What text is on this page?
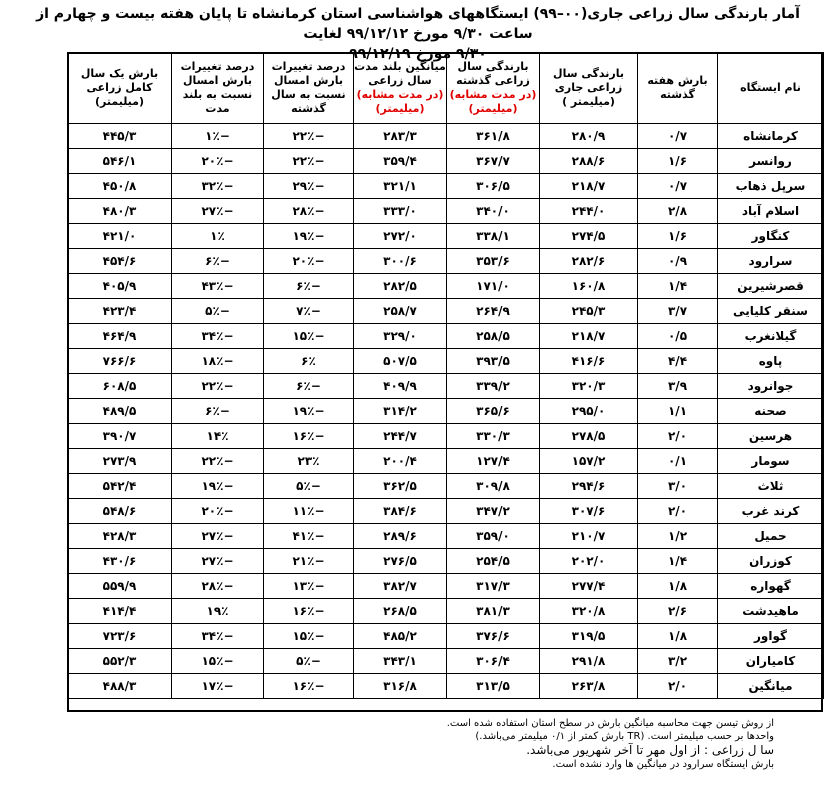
آمار بارندگی سال زراعی جاری(۰۰–۹۹) ایستگاههای هواشناسی استان کرمانشاه تا پایان هفته بیست و چهارم از ساعت ۹/۳۰ مورخ ۹۹/۱۲/۱۲ لغایت
۹/۳۰ مورخ ۹۹/۱۲/۱۹
نام ایستگاه	بارش هفته گذشته	بارندگی سال زراعی جاری (میلیمتر )	بارندگی سال زراعی گذشته
(در مدت مشابه) (میلیمتر)	میانگین بلند مدت سال زراعی
(در مدت مشابه) (میلیمتر)	درصد تغییرات بارش امسال نسبت به سال گذشته	درصد تغییرات بارش امسال نسبت به بلند مدت	بارش یک سال کامل زراعی (میلیمتر)
کرمانشاه	۰/۷	۲۸۰/۹	۳۶۱/۸	۲۸۳/۳	−۲۲٪	−۱٪	۴۴۵/۳
روانسر	۱/۶	۲۸۸/۶	۳۶۷/۷	۳۵۹/۴	−۲۲٪	−۲۰٪	۵۴۶/۱
سرپل ذهاب	۰/۷	۲۱۸/۷	۳۰۶/۵	۳۲۱/۱	−۲۹٪	−۳۲٪	۴۵۰/۸
اسلام آباد	۲/۸	۲۴۴/۰	۳۴۰/۰	۳۳۳/۰	−۲۸٪	−۲۷٪	۴۸۰/۳
کنگاور	۱/۶	۲۷۴/۵	۳۳۸/۱	۲۷۲/۰	−۱۹٪	۱٪	۴۲۱/۰
سرارود	۰/۹	۲۸۲/۶	۳۵۳/۶	۳۰۰/۶	−۲۰٪	−۶٪	۴۵۴/۶
قصرشیرین	۱/۴	۱۶۰/۸	۱۷۱/۰	۲۸۲/۵	−۶٪	−۴۳٪	۴۰۵/۹
سنقر کلیایی	۳/۷	۲۴۵/۳	۲۶۴/۹	۲۵۸/۷	−۷٪	−۵٪	۴۲۳/۴
گیلانغرب	۰/۵	۲۱۸/۷	۲۵۸/۵	۳۲۹/۰	−۱۵٪	−۳۴٪	۴۶۴/۹
پاوه	۴/۴	۴۱۶/۶	۳۹۳/۵	۵۰۷/۵	۶٪	−۱۸٪	۷۶۶/۶
جوانرود	۳/۹	۳۲۰/۳	۳۳۹/۲	۴۰۹/۹	−۶٪	−۲۲٪	۶۰۸/۵
صحنه	۱/۱	۲۹۵/۰	۳۶۵/۶	۳۱۴/۲	−۱۹٪	−۶٪	۴۸۹/۵
هرسین	۲/۰	۲۷۸/۵	۳۳۰/۳	۲۴۴/۷	−۱۶٪	۱۴٪	۳۹۰/۷
سومار	۰/۱	۱۵۷/۲	۱۲۷/۴	۲۰۰/۴	۲۳٪	−۲۲٪	۲۷۳/۹
ثلاث	۳/۰	۲۹۴/۶	۳۰۹/۸	۳۶۲/۵	−۵٪	−۱۹٪	۵۴۲/۴
کرند غرب	۲/۰	۳۰۷/۶	۳۴۷/۲	۳۸۴/۶	−۱۱٪	−۲۰٪	۵۴۸/۶
حمیل	۱/۲	۲۱۰/۷	۳۵۹/۰	۲۸۹/۶	−۴۱٪	−۲۷٪	۴۲۸/۳
کوزران	۱/۴	۲۰۲/۰	۲۵۴/۵	۲۷۶/۵	−۲۱٪	−۲۷٪	۴۳۰/۶
گهواره	۱/۸	۲۷۷/۴	۳۱۷/۳	۳۸۲/۷	−۱۳٪	−۲۸٪	۵۵۹/۹
ماهیدشت	۲/۶	۳۲۰/۸	۳۸۱/۳	۲۶۸/۵	−۱۶٪	۱۹٪	۴۱۴/۴
گواور	۱/۸	۳۱۹/۵	۳۷۶/۶	۴۸۵/۲	−۱۵٪	−۳۴٪	۷۲۳/۶
کامیاران	۳/۲	۲۹۱/۸	۳۰۶/۴	۳۴۳/۱	−۵٪	−۱۵٪	۵۵۲/۳
میانگین	۲/۰	۲۶۳/۸	۳۱۳/۵	۳۱۶/۸	−۱۶٪	−۱۷٪	۴۸۸/۳
از روش تیسن جهت محاسبه میانگین بارش در سطح استان استفاده شده است.
واحدها بر حسب میلیمتر است. (TR بارش کمتر از ۰/۱ میلیمتر می‌باشد.)
سا ل زراعی : از اول مهر تا آخر شهریور می‌باشد.
بارش ایستگاه سرارود در میانگین ها وارد نشده است.
